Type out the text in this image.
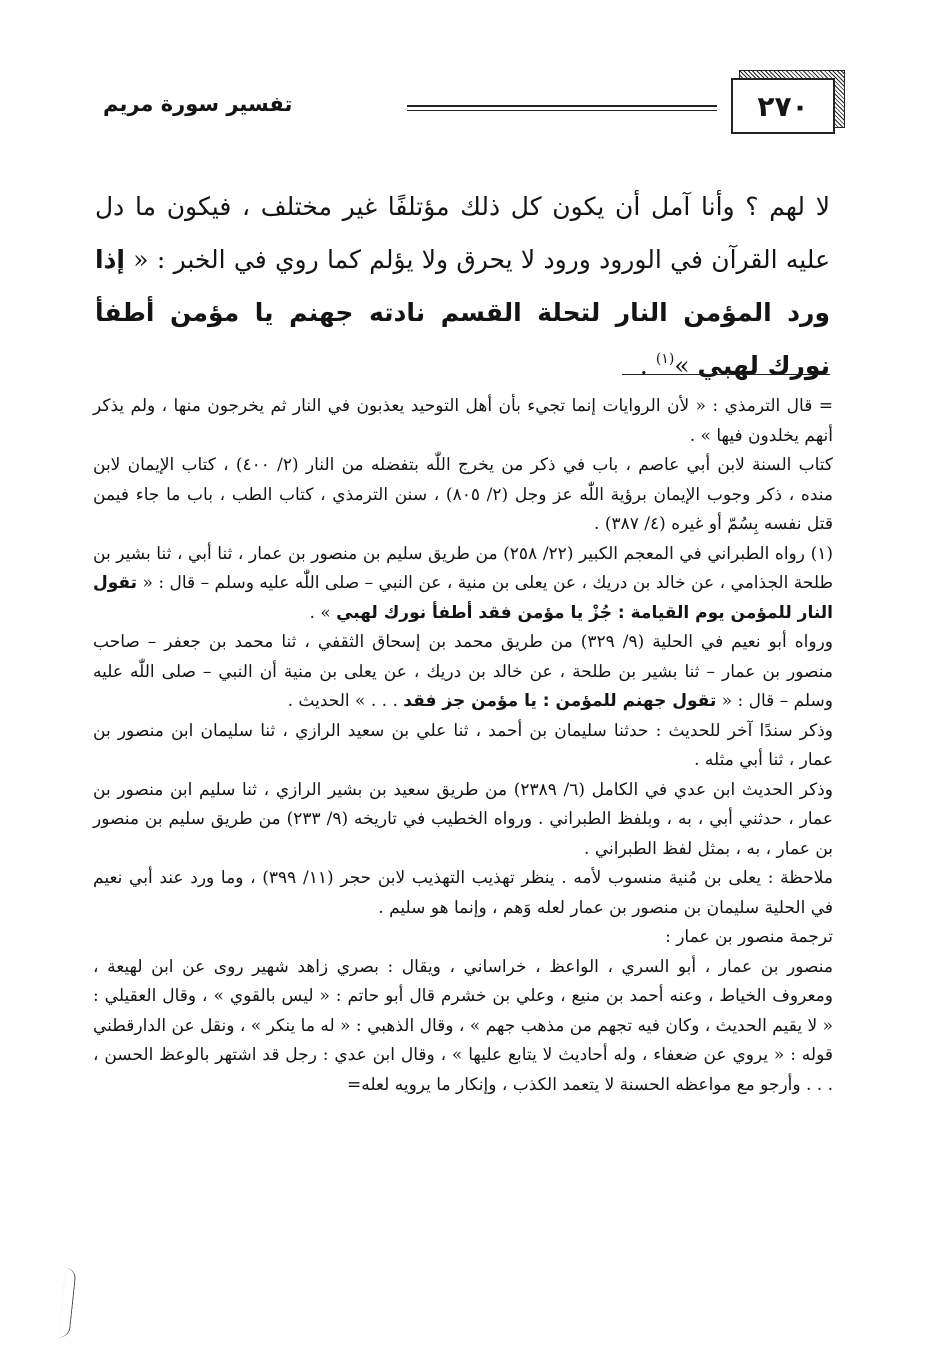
٢٧٠
تفسير سورة مريم

لا لهم ؟ وأنا آمل أن يكون كل ذلك مؤتلفًا غير مختلف ، فيكون ما دل عليه القرآن في الورود ورود لا يحرق ولا يؤلم كما روي في الخبر : « إذا ورد المؤمن النار لتحلة القسم نادته جهنم يا مؤمن أطفأ نورك لهبي »$^{(١)}$ .

= قال الترمذي : « لأن الروايات إنما تجيء بأن أهل التوحيد يعذبون في النار ثم يخرجون منها ، ولم يذكر أنهم يخلدون فيها » .

كتاب السنة لابن أبي عاصم ، باب في ذكر من يخرج اللّٰه بتفضله من النار (٢/ ٤٠٠) ، كتاب الإيمان لابن منده ، ذكر وجوب الإيمان برؤية اللّٰه عز وجل (٢/ ٨٠٥) ، سنن الترمذي ، كتاب الطب ، باب ما جاء فيمن قتل نفسه بِسُمّ أو غيره (٤/ ٣٨٧) .

(١) رواه الطبراني في المعجم الكبير (٢٢/ ٢٥٨) من طريق سليم بن منصور بن عمار ، ثنا أبي ، ثنا بشير بن طلحة الجذامي ، عن خالد بن دريك ، عن يعلى بن منية ، عن النبي – صلى اللّٰه عليه وسلم – قال : « تقول النار للمؤمن يوم القيامة : جُزْ يا مؤمن فقد أطفأ نورك لهبي » .

ورواه أبو نعيم في الحلية (٩/ ٣٢٩) من طريق محمد بن إسحاق الثقفي ، ثنا محمد بن جعفر – صاحب منصور بن عمار – ثنا بشير بن طلحة ، عن خالد بن دريك ، عن يعلى بن منية أن النبي – صلى اللّٰه عليه وسلم – قال : « تقول جهنم للمؤمن : يا مؤمن جز فقد . . . » الحديث .

وذكر سندًا آخر للحديث : حدثنا سليمان بن أحمد ، ثنا علي بن سعيد الرازي ، ثنا سليمان ابن منصور بن عمار ، ثنا أبي مثله .

وذكر الحديث ابن عدي في الكامل (٦/ ٢٣٨٩) من طريق سعيد بن بشير الرازي ، ثنا سليم ابن منصور بن عمار ، حدثني أبي ، به ، وبلفظ الطبراني . ورواه الخطيب في تاريخه (٩/ ٢٣٣) من طريق سليم بن منصور بن عمار ، به ، بمثل لفظ الطبراني .

ملاحظة : يعلى بن مُنية منسوب لأمه . ينظر تهذيب التهذيب لابن حجر (١١/ ٣٩٩) ، وما ورد عند أبي نعيم في الحلية سليمان بن منصور بن عمار لعله وَهم ، وإنما هو سليم .

ترجمة منصور بن عمار :

منصور بن عمار ، أبو السري ، الواعظ ، خراساني ، ويقال : بصري زاهد شهير روى عن ابن لهيعة ، ومعروف الخياط ، وعنه أحمد بن منيع ، وعلي بن خشرم قال أبو حاتم : « ليس بالقوي » ، وقال العقيلي : « لا يقيم الحديث ، وكان فيه تجهم من مذهب جهم » ، وقال الذهبي : « له ما ينكر » ، ونقل عن الدارقطني قوله : « يروي عن ضعفاء ، وله أحاديث لا يتابع عليها » ، وقال ابن عدي : رجل قد اشتهر بالوعظ الحسن ، . . . وأرجو مع مواعظه الحسنة لا يتعمد الكذب ، وإنكار ما يرويه لعله=
